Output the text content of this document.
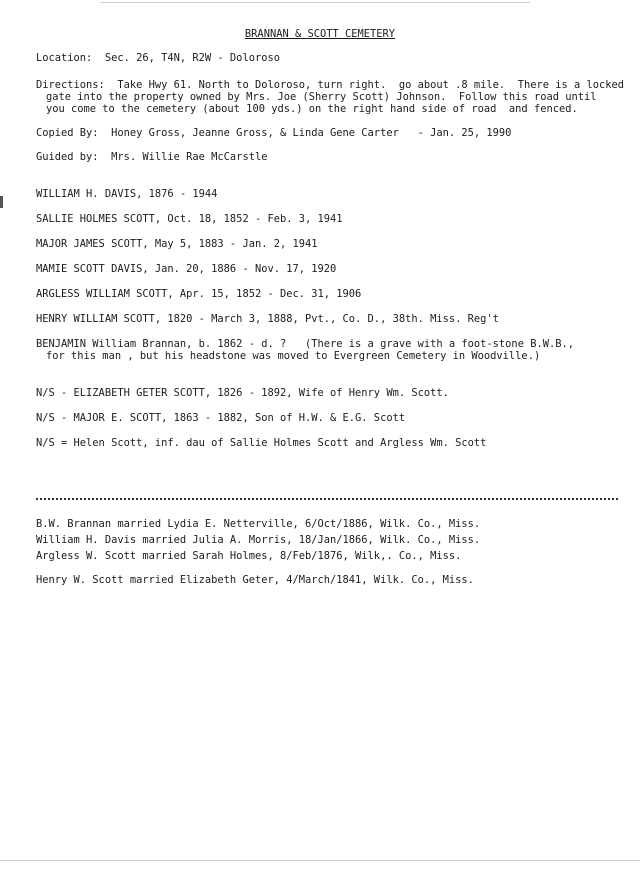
BRANNAN & SCOTT CEMETERY
Location:  Sec. 26, T4N, R2W - Doloroso
Directions:  Take Hwy 61. North to Doloroso, turn right.  go about .8 mile.  There is a locked
gate into the property owned by Mrs. Joe (Sherry Scott) Johnson.  Follow this road until
you come to the cemetery (about 100 yds.) on the right hand side of road  and fenced.
Copied By:  Honey Gross, Jeanne Gross, & Linda Gene Carter   - Jan. 25, 1990
Guided by:  Mrs. Willie Rae McCarstle
WILLIAM H. DAVIS, 1876 - 1944
SALLIE HOLMES SCOTT, Oct. 18, 1852 - Feb. 3, 1941
MAJOR JAMES SCOTT, May 5, 1883 - Jan. 2, 1941
MAMIE SCOTT DAVIS, Jan. 20, 1886 - Nov. 17, 1920
ARGLESS WILLIAM SCOTT, Apr. 15, 1852 - Dec. 31, 1906
HENRY WILLIAM SCOTT, 1820 - March 3, 1888, Pvt., Co. D., 38th. Miss. Reg't
BENJAMIN William Brannan, b. 1862 - d. ?   (There is a grave with a foot-stone B.W.B.,
for this man , but his headstone was moved to Evergreen Cemetery in Woodville.)
N/S - ELIZABETH GETER SCOTT, 1826 - 1892, Wife of Henry Wm. Scott.
N/S - MAJOR E. SCOTT, 1863 - 1882, Son of H.W. & E.G. Scott
N/S = Helen Scott, inf. dau of Sallie Holmes Scott and Argless Wm. Scott
B.W. Brannan married Lydia E. Netterville, 6/Oct/1886, Wilk. Co., Miss.
William H. Davis married Julia A. Morris, 18/Jan/1866, Wilk. Co., Miss.
Argless W. Scott married Sarah Holmes, 8/Feb/1876, Wilk,. Co., Miss.
Henry W. Scott married Elizabeth Geter, 4/March/1841, Wilk. Co., Miss.
